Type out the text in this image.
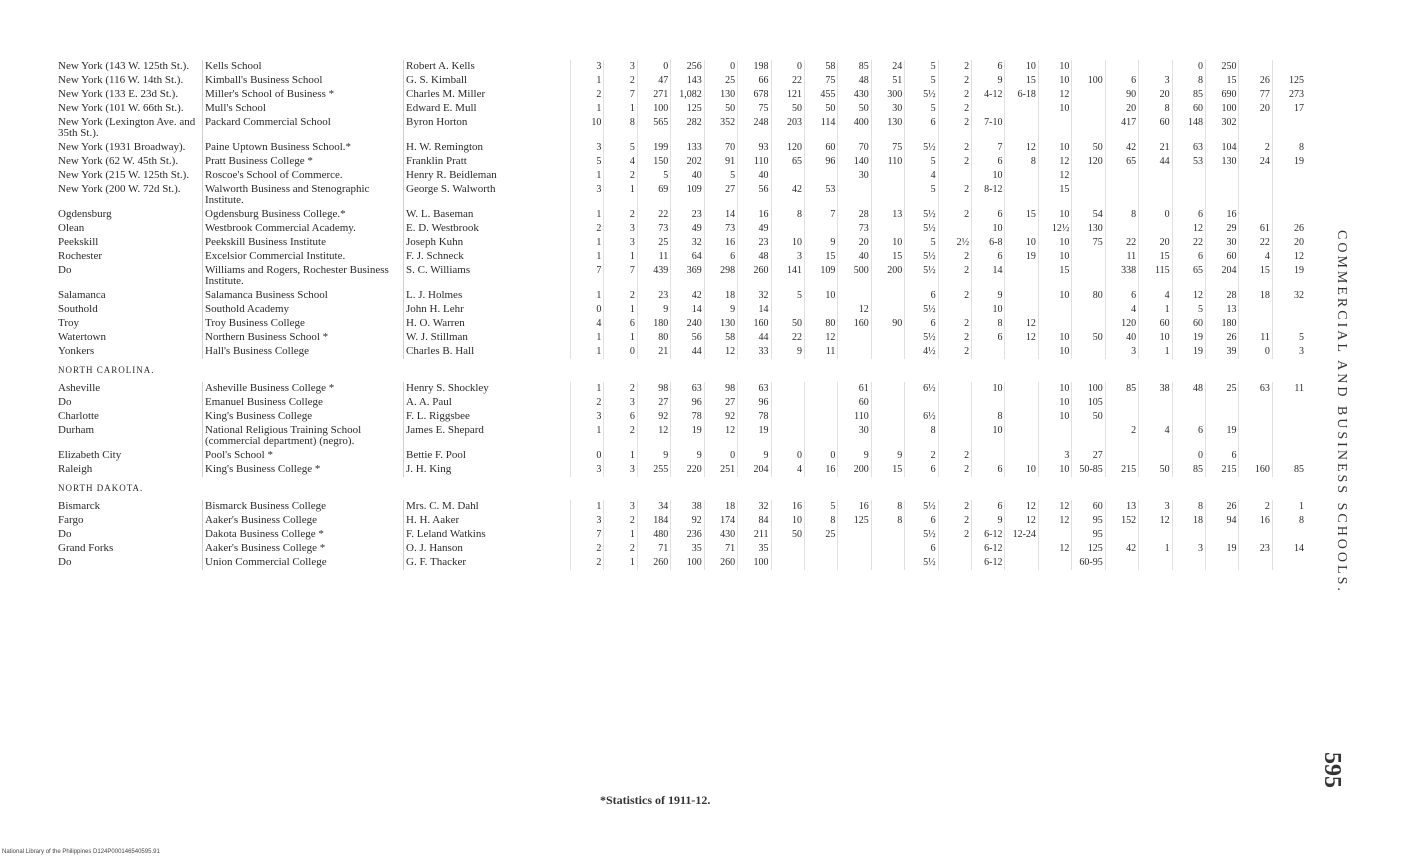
New York (143 W. 125th St.).	Kells School	Robert A. Kells	3	3	0	256	0	198	0	58	85	24	5	2	6	10	10				0	250		
New York (116 W. 14th St.).	Kimball's Business School	G. S. Kimball	1	2	47	143	25	66	22	75	48	51	5	2	9	15	10	100	6	3	8	15	26	125
New York (133 E. 23d St.).	Miller's School of Business *	Charles M. Miller	2	7	271	1,082	130	678	121	455	430	300	5½	2	4-12	6-18	12		90	20	85	690	77	273
New York (101 W. 66th St.).	Mull's School	Edward E. Mull	1	1	100	125	50	75	50	50	50	30	5	2			10		20	8	60	100	20	17
New York (Lexington Ave. and 35th St.).	Packard Commercial School	Byron Horton	10	8	565	282	352	248	203	114	400	130	6	2	7-10				417	60	148	302		
New York (1931 Broadway).	Paine Uptown Business School.*	H. W. Remington	3	5	199	133	70	93	120	60	70	75	5½	2	7	12	10	50	42	21	63	104	2	8
New York (62 W. 45th St.).	Pratt Business College *	Franklin Pratt	5	4	150	202	91	110	65	96	140	110	5	2	6	8	12	120	65	44	53	130	24	19
New York (215 W. 125th St.).	Roscoe's School of Commerce.	Henry R. Beidleman	1	2	5	40	5	40			30		4		10		12							
New York (200 W. 72d St.).	Walworth Business and Stenographic Institute.	George S. Walworth	3	1	69	109	27	56	42	53			5	2	8-12		15							
Ogdensburg	Ogdensburg Business College.*	W. L. Baseman	1	2	22	23	14	16	8	7	28	13	5½	2	6	15	10	54	8	0	6	16		
Olean	Westbrook Commercial Academy.	E. D. Westbrook	2	3	73	49	73	49			73		5½		10		12½	130			12	29	61	26
Peekskill	Peekskill Business Institute	Joseph Kuhn	1	3	25	32	16	23	10	9	20	10	5	2½	6-8	10	10	75	22	20	22	30	22	20
Rochester	Excelsior Commercial Institute.	F. J. Schneck	1	1	11	64	6	48	3	15	40	15	5½	2	6	19	10		11	15	6	60	4	12
Do	Williams and Rogers, Rochester Business Institute.	S. C. Williams	7	7	439	369	298	260	141	109	500	200	5½	2	14		15		338	115	65	204	15	19
Salamanca	Salamanca Business School	L. J. Holmes	1	2	23	42	18	32	5	10			6	2	9		10	80	6	4	12	28	18	32
Southold	Southold Academy	John H. Lehr	0	1	9	14	9	14			12		5½		10				4	1	5	13		
Troy	Troy Business College	H. O. Warren	4	6	180	240	130	160	50	80	160	90	6	2	8	12			120	60	60	180		
Watertown	Northern Business School *	W. J. Stillman	1	1	80	56	58	44	22	12			5½	2	6	12	10	50	40	10	19	26	11	5
Yonkers	Hall's Business College	Charles B. Hall	1	0	21	44	12	33	9	11			4½	2			10		3	1	19	39	0	3
NORTH CAROLINA.																								
Asheville	Asheville Business College *	Henry S. Shockley	1	2	98	63	98	63			61		6½		10		10	100	85	38	48	25	63	11
Do	Emanuel Business College	A. A. Paul	2	3	27	96	27	96			60						10	105						
Charlotte	King's Business College	F. L. Riggsbee	3	6	92	78	92	78			110		6½		8		10	50						
Durham	National Religious Training School (commercial department) (negro).	James E. Shepard	1	2	12	19	12	19			30		8		10				2	4	6	19		
Elizabeth City	Pool's School *	Bettie F. Pool	0	1	9	9	0	9	0	0	9	9	2	2			3	27			0	6		
Raleigh	King's Business College *	J. H. King	3	3	255	220	251	204	4	16	200	15	6	2	6	10	10	50-85	215	50	85	215	160	85
NORTH DAKOTA.																								
Bismarck	Bismarck Business College	Mrs. C. M. Dahl	1	3	34	38	18	32	16	5	16	8	5½	2	6	12	12	60	13	3	8	26	2	1
Fargo	Aaker's Business College	H. H. Aaker	3	2	184	92	174	84	10	8	125	8	6	2	9	12	12	95	152	12	18	94	16	8
Do	Dakota Business College *	F. Leland Watkins	7	1	480	236	430	211	50	25			5½	2	6-12	12-24		95						
Grand Forks	Aaker's Business College *	O. J. Hanson	2	2	71	35	71	35					6		6-12		12	125	42	1	3	19	23	14
Do	Union Commercial College	G. F. Thacker	2	1	260	100	260	100					5½		6-12			60-95							COMMERCIAL AND BUSINESS SCHOOLS.
595
*Statistics of 1911-12.
National Library of the Philippines D124P000146540595.91
